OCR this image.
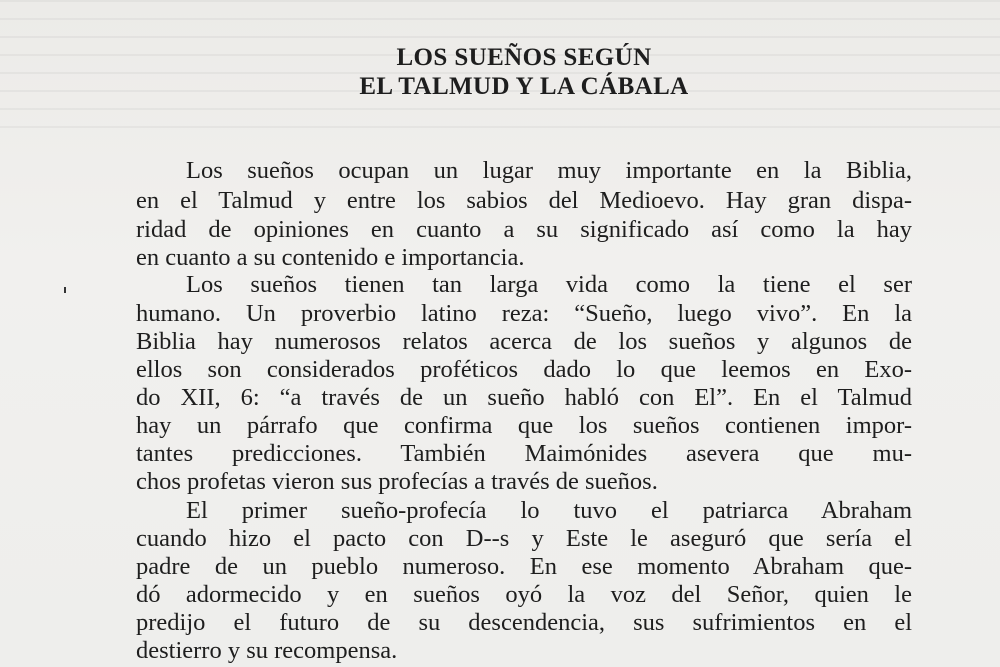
LOS SUEÑOS SEGÚN
EL TALMUD Y LA CÁBALA
Los sueños ocupan un lugar muy importante en la Biblia,
en el Talmud y entre los sabios del Medioevo. Hay gran dispa-
ridad de opiniones en cuanto a su significado así como la hay
en cuanto a su contenido e importancia.
Los sueños tienen tan larga vida como la tiene el ser
humano. Un proverbio latino reza: “Sueño, luego vivo”. En la
Biblia hay numerosos relatos acerca de los sueños y algunos de
ellos son considerados proféticos dado lo que leemos en Exo-
do XII, 6: “a través de un sueño habló con El”. En el Talmud
hay un párrafo que confirma que los sueños contienen impor-
tantes predicciones. También Maimónides asevera que mu-
chos profetas vieron sus profecías a través de sueños.
El primer sueño-profecía lo tuvo el patriarca Abraham
cuando hizo el pacto con D--s y Este le aseguró que sería el
padre de un pueblo numeroso. En ese momento Abraham que-
dó adormecido y en sueños oyó la voz del Señor, quien le
predijo el futuro de su descendencia, sus sufrimientos en el
destierro y su recompensa.
